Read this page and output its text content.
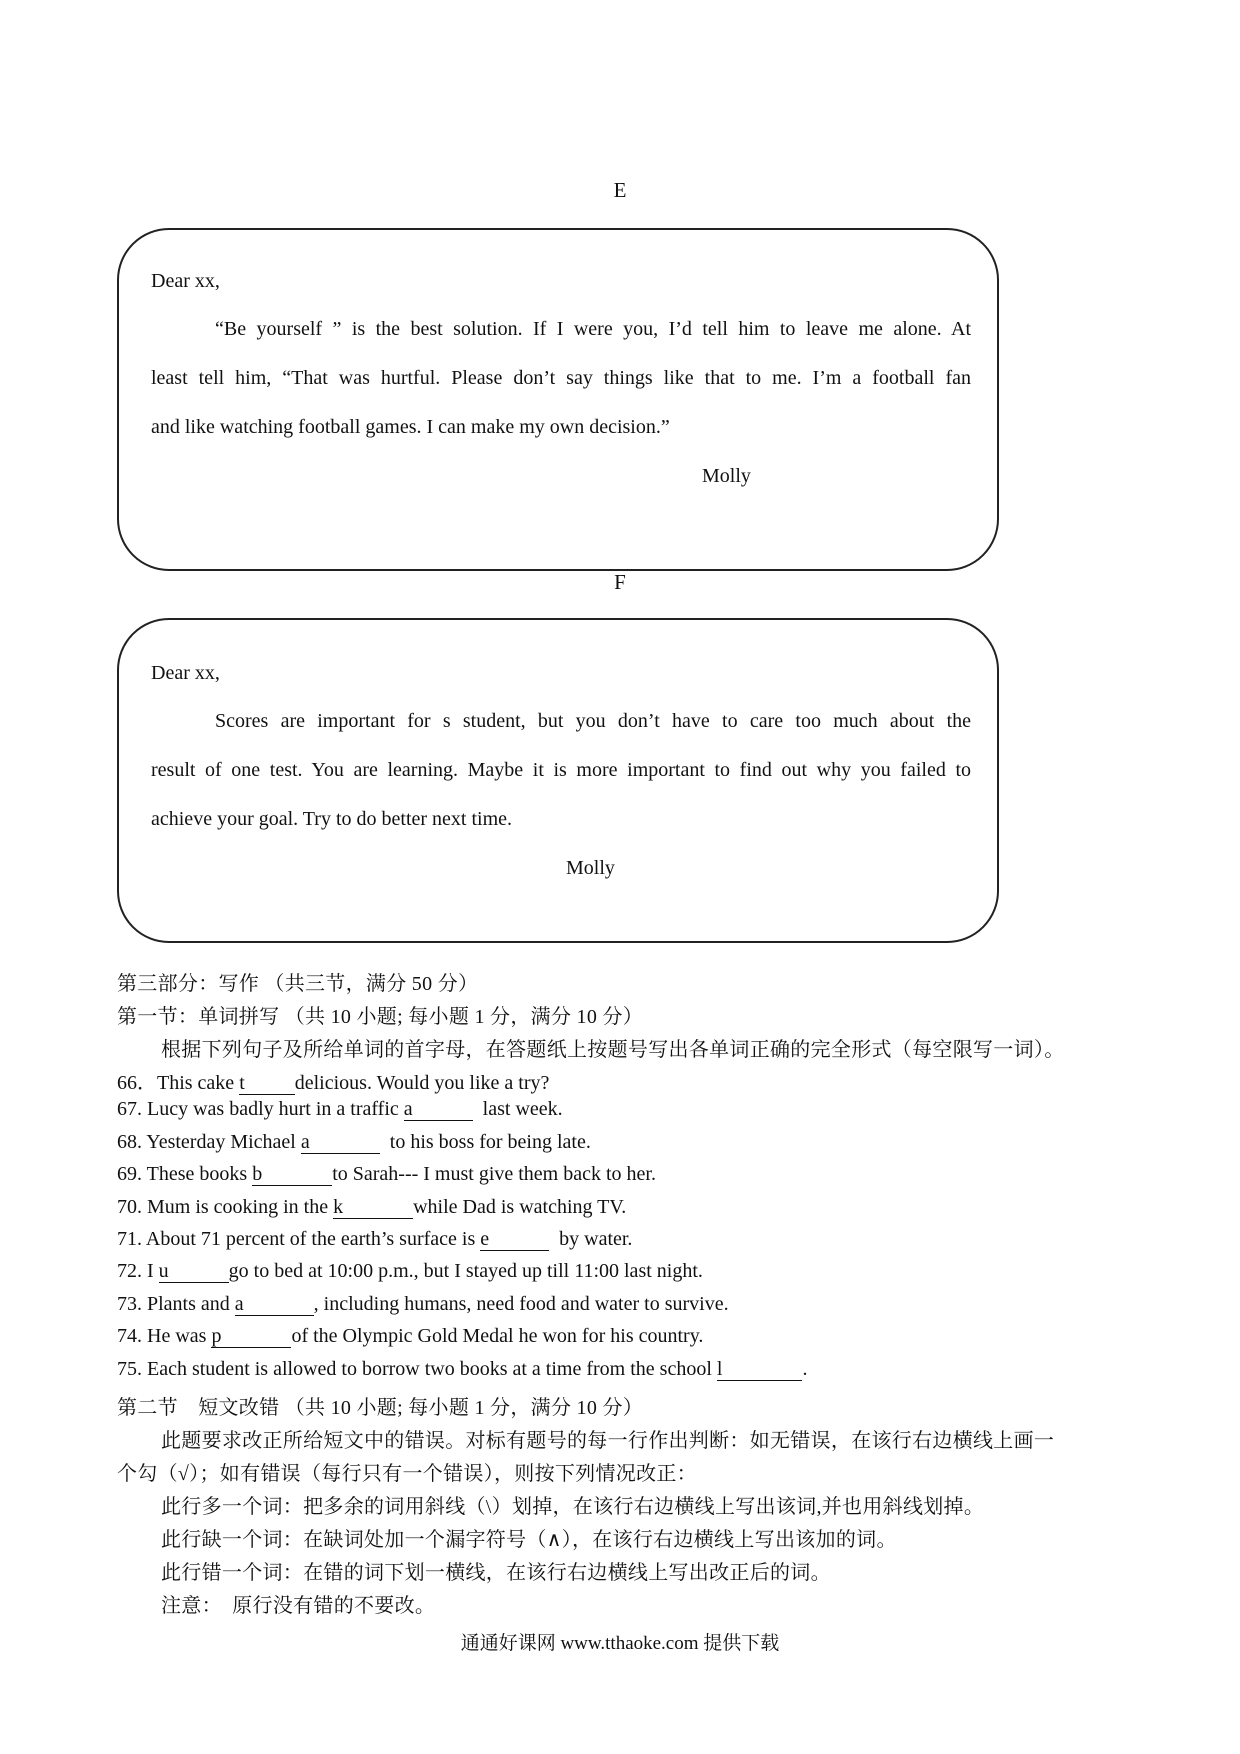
E
Dear xx,
“Be yourself ” is the best solution. If I were you, I’d tell him to leave me alone. At
least tell him, “That was hurtful. Please don’t say things like that to me. I’m a football fan
and like watching football games. I can make my own decision.”
Molly
F
Dear xx,
Scores are important for s student, but you don’t have to care too much about the
result of one test. You are learning. Maybe it is more important to find out why you failed to
achieve your goal. Try to do better next time.
Molly
第三部分：写作 （共三节，满分 50 分）
第一节：单词拼写 （共 10 小题; 每小题 1 分，满分 10 分）
根据下列句子及所给单词的首字母，在答题纸上按题号写出各单词正确的完全形式（每空限写一词）。
66．This cake t	delicious. Would you like a try?
67. Lucy was badly hurt in a traffic a	last week.
68. Yesterday Michael a	to his boss for being late.
69. These books b	to Sarah--- I must give them back to her.
70. Mum is cooking in the k	while Dad is watching TV.
71. About 71 percent of the earth’s surface is e	by water.
72. I u	go to bed at 10:00 p.m., but I stayed up till 11:00 last night.
73. Plants and a	, including humans, need food and water to survive.
74. He was p	of the Olympic Gold Medal he won for his country.
75. Each student is allowed to borrow two books at a time from the school l	.
第二节　短文改错 （共 10 小题; 每小题 1 分，满分 10 分）
此题要求改正所给短文中的错误。对标有题号的每一行作出判断：如无错误，在该行右边横线上画一
个勾（√）；如有错误（每行只有一个错误），则按下列情况改正：
此行多一个词：把多余的词用斜线（\）划掉，在该行右边横线上写出该词,并也用斜线划掉。
此行缺一个词：在缺词处加一个漏字符号（∧），在该行右边横线上写出该加的词。
此行错一个词：在错的词下划一横线，在该行右边横线上写出改正后的词。
注意：　原行没有错的不要改。
通通好课网 www.tthaoke.com 提供下载
